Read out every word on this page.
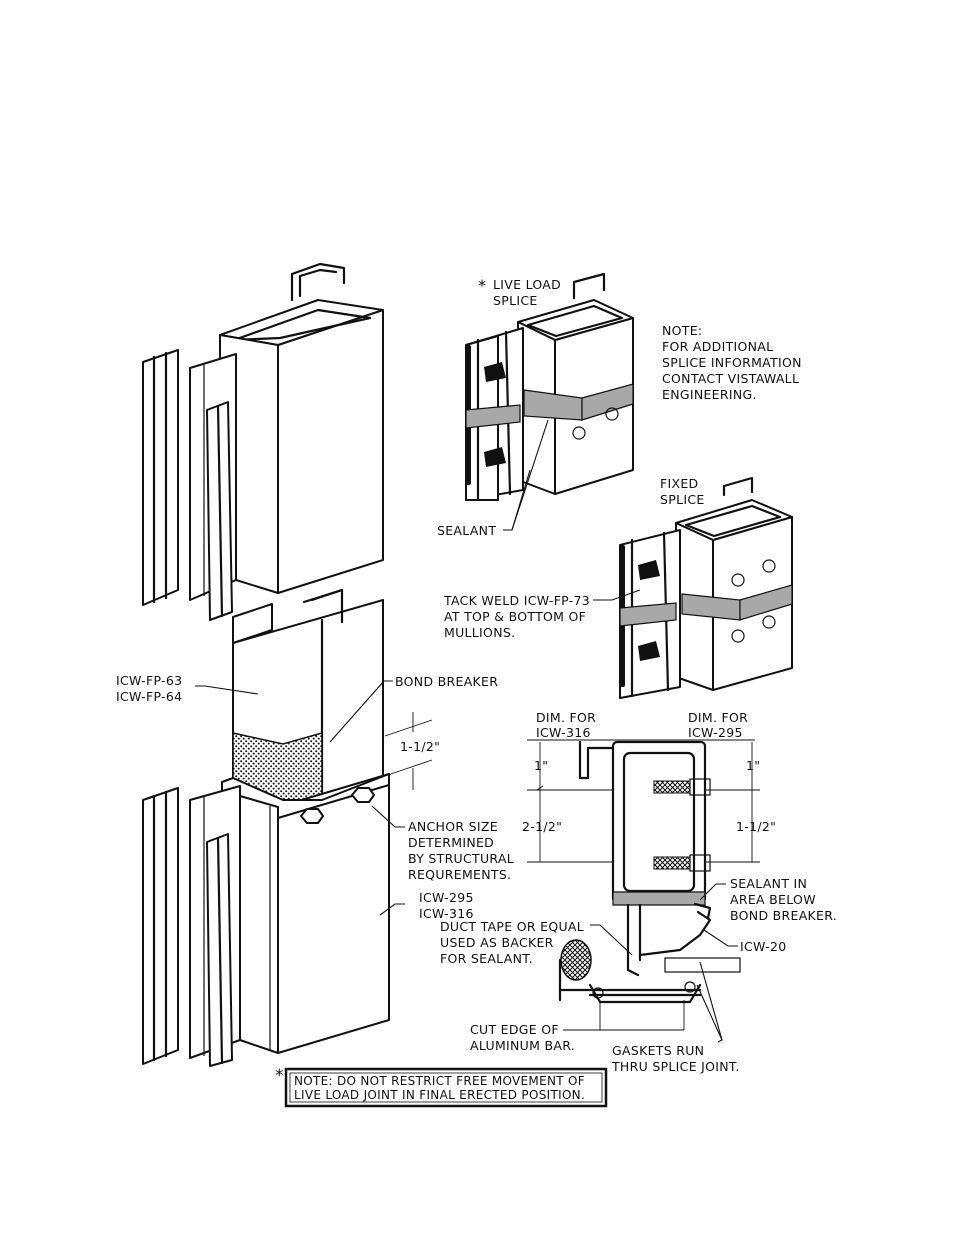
* LIVE LOAD
SPLICE
NOTE:
FOR ADDITIONAL
SPLICE INFORMATION
CONTACT VISTAWALL
ENGINEERING.
SEALANT
FIXED
SPLICE
TACK WELD ICW-FP-73
AT TOP & BOTTOM OF
MULLIONS.
ICW-FP-63
ICW-FP-64
BOND BREAKER
1-1/2"
ANCHOR SIZE
DETERMINED
BY STRUCTURAL
REQUREMENTS.
ICW-295
ICW-316
DIM. FOR
ICW-316
DIM. FOR
ICW-295
1"	1"
2-1/2"	1-1/2"
SEALANT IN
AREA BELOW
BOND BREAKER.
DUCT TAPE OR EQUAL
USED AS BACKER
FOR SEALANT.
ICW-20
CUT EDGE OF
ALUMINUM BAR.	GASKETS RUN
THRU SPLICE JOINT.
* NOTE: DO NOT RESTRICT FREE MOVEMENT OF
LIVE LOAD JOINT IN FINAL ERECTED POSITION.
